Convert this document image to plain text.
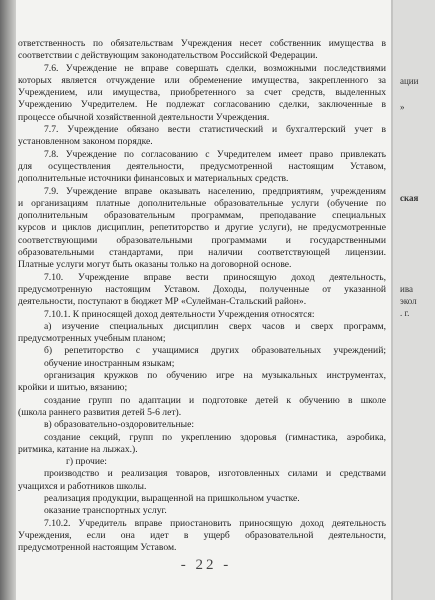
ответственность по обязательствам Учреждения несет собственник имущества в
соответствии с действующим законодательством Российской Федерации.
7.6. Учреждение не вправе совершать сделки, возможными последствиями
которых является отчуждение или обременение имущества, закрепленного за
Учреждением, или имущества, приобретенного за счет средств, выделенных
Учреждению Учредителем. Не подлежат согласованию сделки, заключенные в
процессе обычной хозяйственной деятельности Учреждения.
7.7. Учреждение обязано вести статистический и бухгалтерский учет в
установленном законом порядке.
7.8. Учреждение по согласованию с Учредителем имеет право привлекать
для осуществления деятельности, предусмотренной настоящим Уставом,
дополнительные источники финансовых и материальных средств.
7.9. Учреждение вправе оказывать населению, предприятиям, учреждениям
и организациям платные дополнительные образовательные услуги (обучение по
дополнительным образовательным программам, преподавание специальных
курсов и циклов дисциплин, репетиторство и другие услуги), не предусмотренные
соответствующими образовательными программами и государственными
образовательными стандартами, при наличии соответствующей лицензии.
Платные услуги могут быть оказаны только на договорной основе.
7.10. Учреждение вправе вести приносящую доход деятельность,
предусмотренную настоящим Уставом. Доходы, полученные от указанной
деятельности, поступают в бюджет МР «Сулейман-Стальский район».
7.10.1. К приносящей доход деятельности Учреждения относятся:
а) изучение специальных дисциплин сверх часов и сверх программ,
предусмотренных учебным планом;
б) репетиторство с учащимися других образовательных учреждений;
обучение иностранным языкам;
организация кружков по обучению игре на музыкальных инструментах,
кройки и шитью, вязанию;
создание групп по адаптации и подготовке детей к обучению в школе
(школа раннего развития детей 5-6 лет).
в) образовательно-оздоровительные:
создание секций, групп по укреплению здоровья (гимнастика, аэробика,
ритмика, катание на лыжах.).
г) прочие:
производство и реализация товаров, изготовленных силами и средствами
учащихся и работников школы.
реализация продукции, выращенной на пришкольном участке.
оказание транспортных услуг.
7.10.2. Учредитель вправе приостановить приносящую доход деятельность
Учреждения, если она идет в ущерб образовательной деятельности,
предусмотренной настоящим Уставом.
- 22 -
ации
»
ская
ива
экол
. г.
